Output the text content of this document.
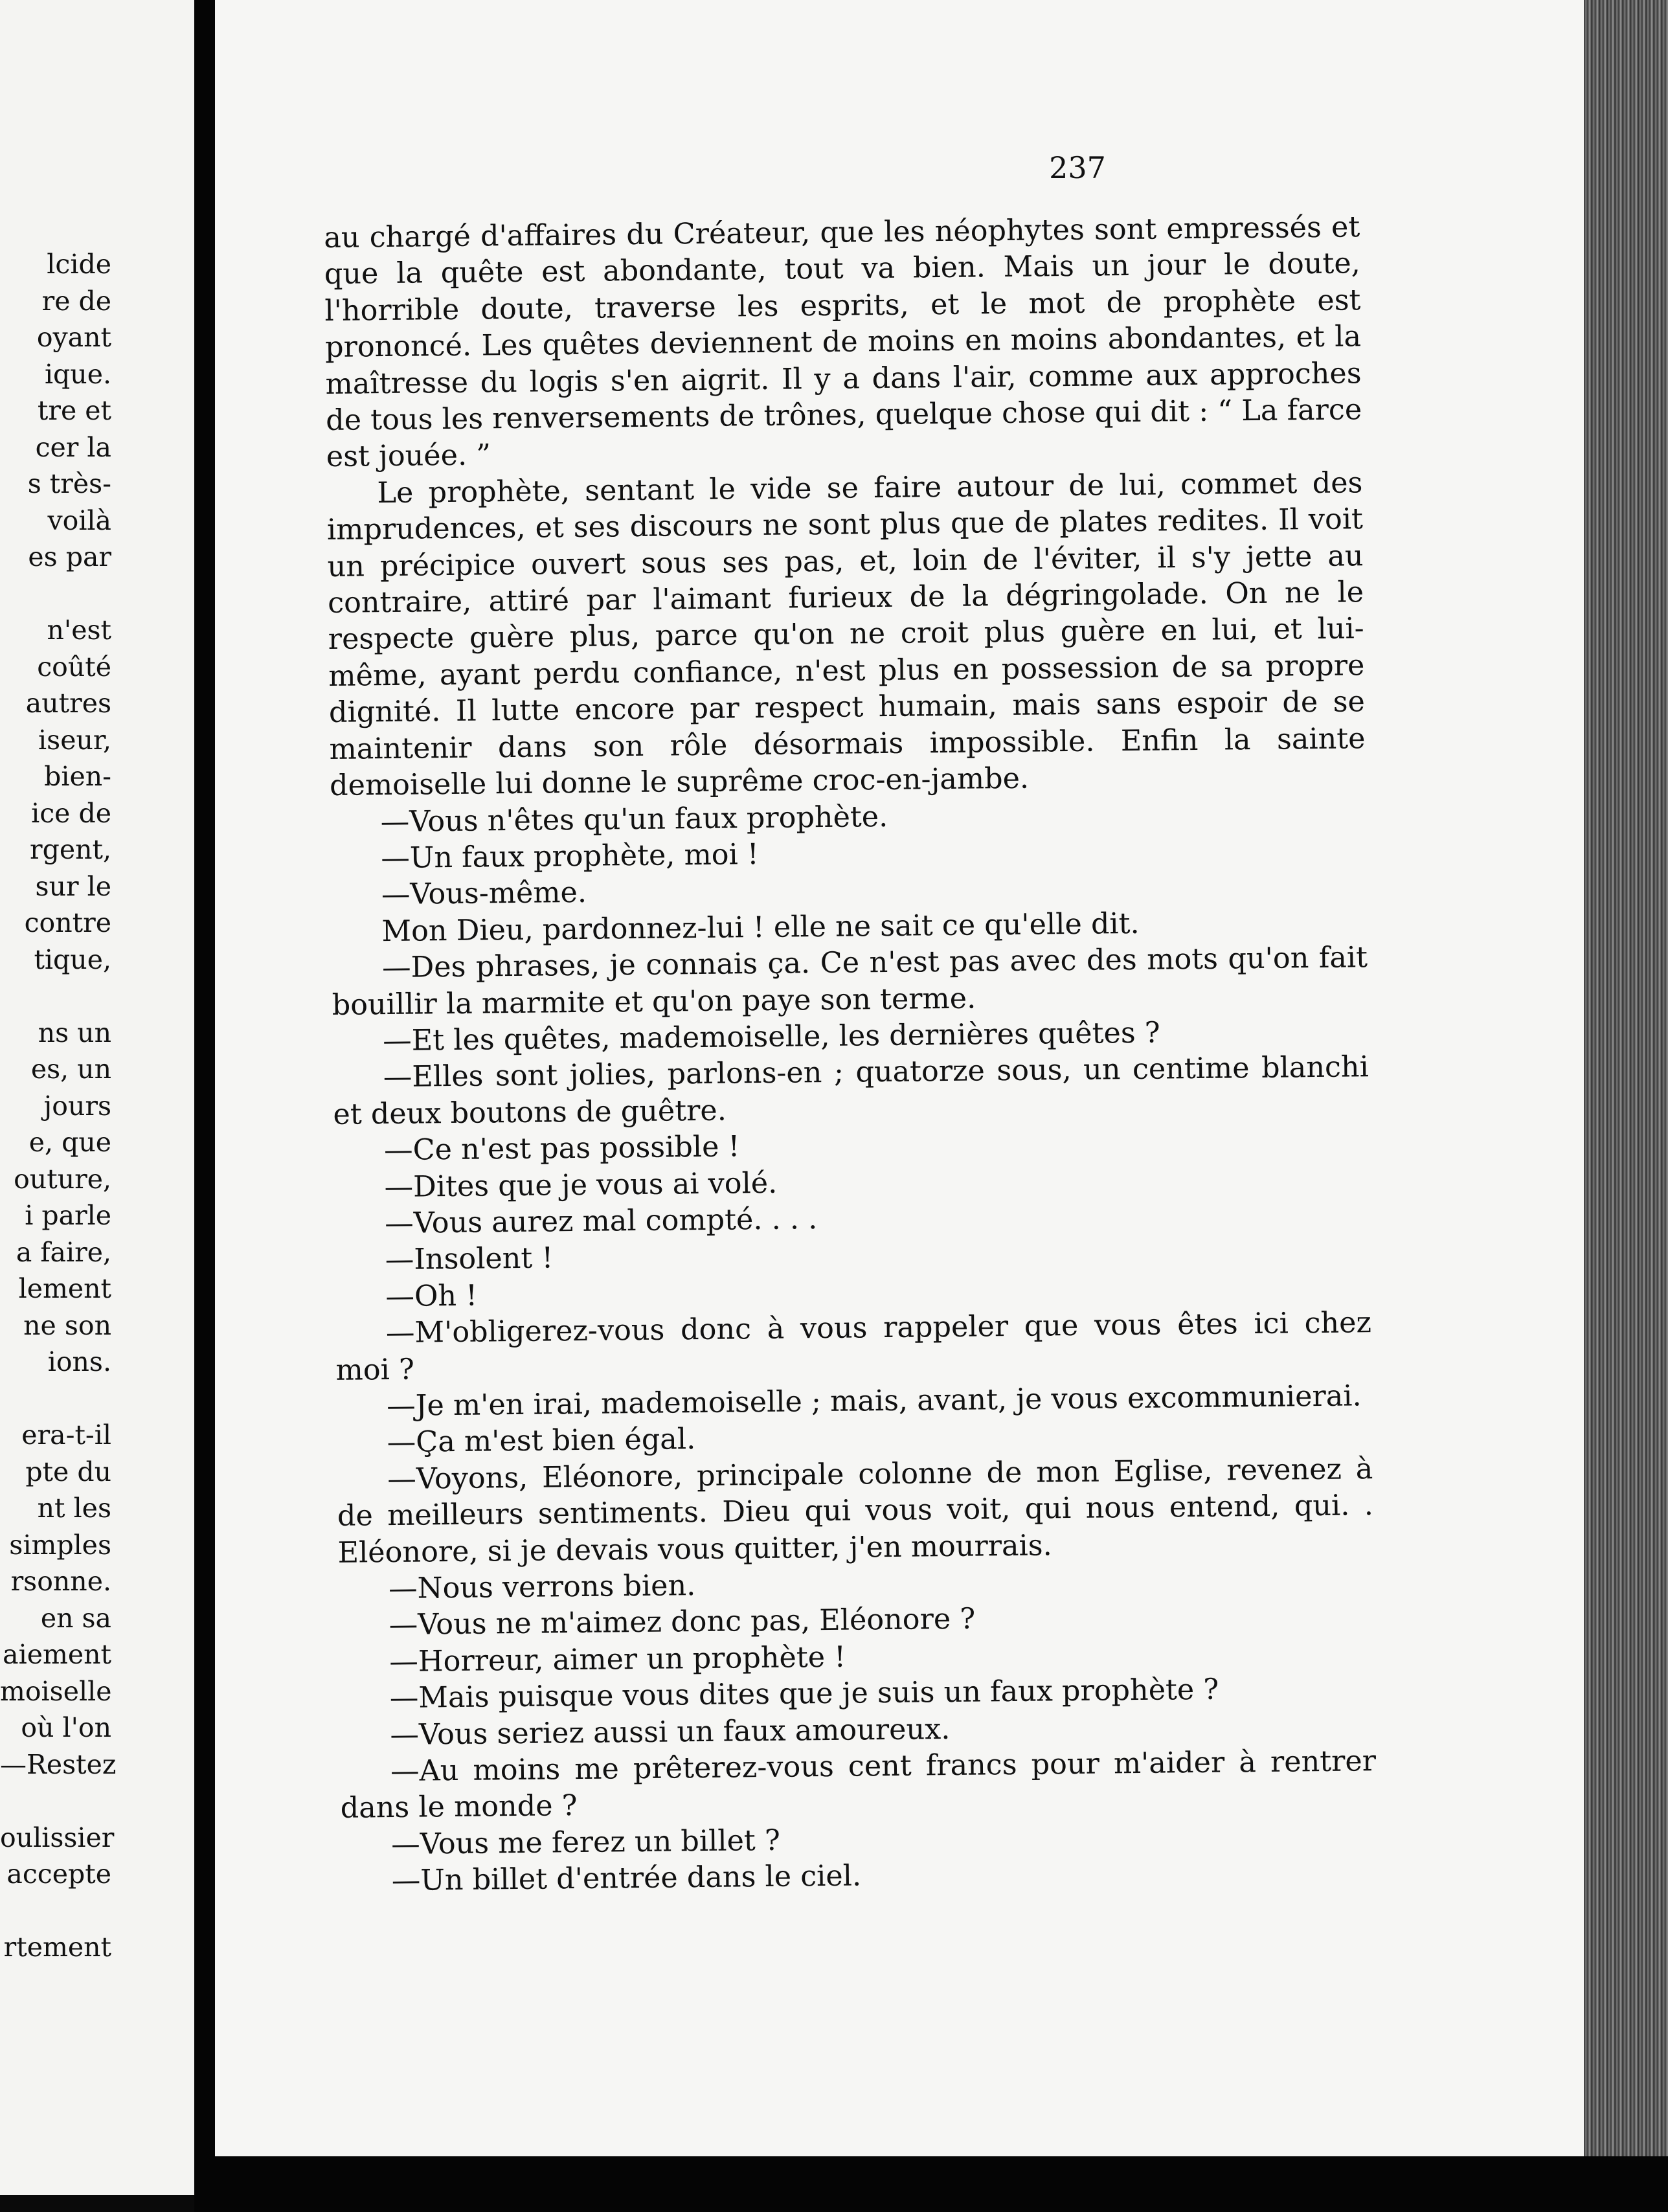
lcide
re de
oyant
ique.
tre et
cer la
s très-
voilà
es par
n'est
coûté
autres
iseur,
bien-
ice de
rgent,
sur le
contre
tique,
ns un
es, un
jours
e, que
outure,
i parle
a faire,
lement
ne son
ions.
era-t-il
pte du
nt les
simples
rsonne.
en sa
aiement
moiselle
où l'on
—Restez
oulissier
accepte
rtement
237

au chargé d'affaires du Créateur, que les néophytes sont empressés et que la quête est abondante, tout va bien. Mais un jour le doute, l'horrible doute, traverse les esprits, et le mot de prophète est prononcé. Les quêtes deviennent de moins en moins abondantes, et la maîtresse du logis s'en aigrit. Il y a dans l'air, comme aux approches de tous les renversements de trônes, quelque chose qui dit : “ La farce est jouée. ”

Le prophète, sentant le vide se faire autour de lui, commet des imprudences, et ses discours ne sont plus que de plates redites. Il voit un précipice ouvert sous ses pas, et, loin de l'éviter, il s'y jette au contraire, attiré par l'aimant furieux de la dégringolade. On ne le respecte guère plus, parce qu'on ne croit plus guère en lui, et lui-même, ayant perdu confiance, n'est plus en possession de sa propre dignité. Il lutte encore par respect humain, mais sans espoir de se maintenir dans son rôle désormais impossible. Enfin la sainte demoiselle lui donne le suprême croc-en-jambe.

—Vous n'êtes qu'un faux prophète.

—Un faux prophète, moi !

—Vous-même.

Mon Dieu, pardonnez-lui ! elle ne sait ce qu'elle dit.

—Des phrases, je connais ça. Ce n'est pas avec des mots qu'on fait bouillir la marmite et qu'on paye son terme.

—Et les quêtes, mademoiselle, les dernières quêtes ?

—Elles sont jolies, parlons-en ; quatorze sous, un centime blanchi et deux boutons de guêtre.

—Ce n'est pas possible !

—Dites que je vous ai volé.

—Vous aurez mal compté. . . .

—Insolent !

—Oh !

—M'obligerez-vous donc à vous rappeler que vous êtes ici chez moi ?

—Je m'en irai, mademoiselle ; mais, avant, je vous excommunierai.

—Ça m'est bien égal.

—Voyons, Eléonore, principale colonne de mon Eglise, revenez à de meilleurs sentiments. Dieu qui vous voit, qui nous entend, qui. . Eléonore, si je devais vous quitter, j'en mourrais.

—Nous verrons bien.

—Vous ne m'aimez donc pas, Eléonore ?

—Horreur, aimer un prophète !

—Mais puisque vous dites que je suis un faux prophète ?

—Vous seriez aussi un faux amoureux.

—Au moins me prêterez-vous cent francs pour m'aider à rentrer dans le monde ?

—Vous me ferez un billet ?

—Un billet d'entrée dans le ciel.
